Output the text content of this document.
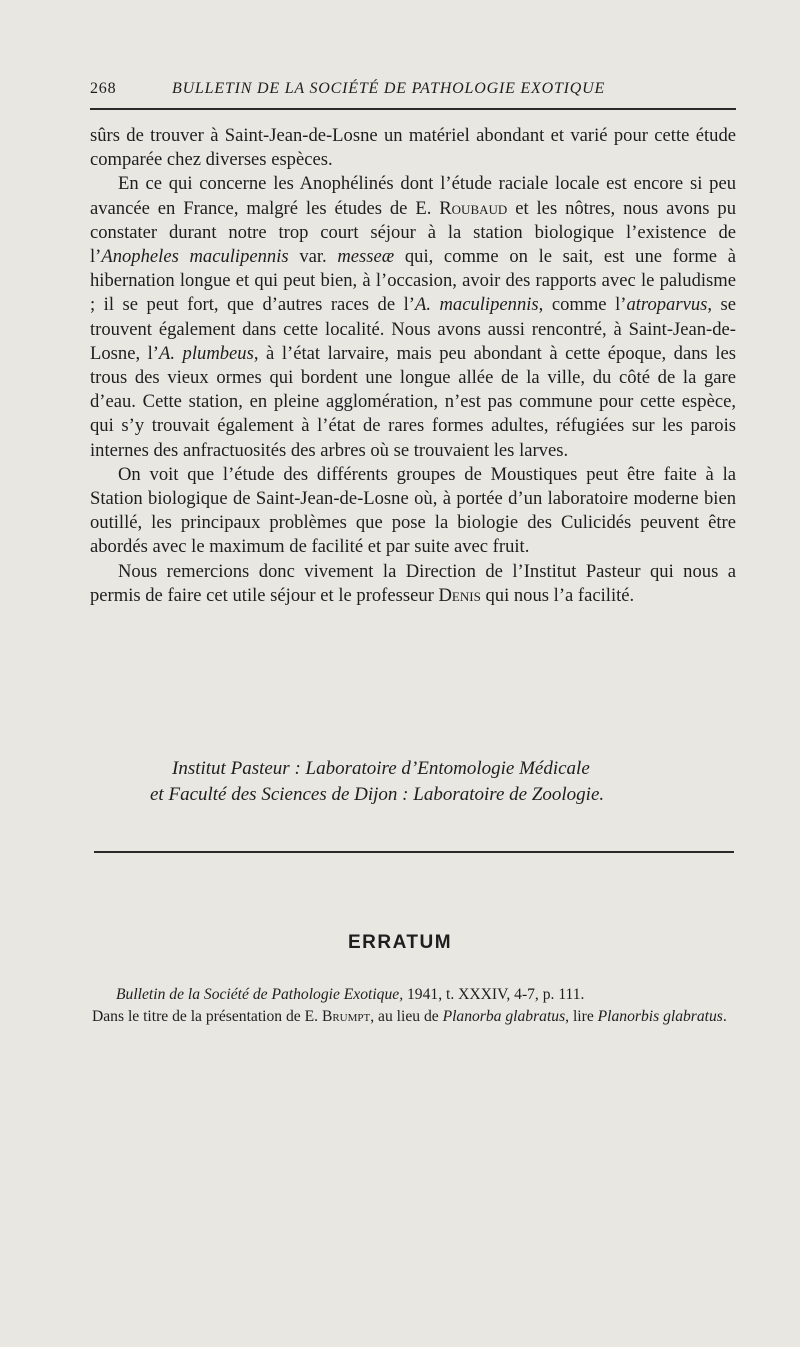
268	BULLETIN DE LA SOCIÉTÉ DE PATHOLOGIE EXOTIQUE

sûrs de trouver à Saint-Jean-de-Losne un matériel abondant et varié pour cette étude comparée chez diverses espèces.

En ce qui concerne les Anophélinés dont l’étude raciale locale est encore si peu avancée en France, malgré les études de E. Roubaud et les nôtres, nous avons pu constater durant notre trop court séjour à la station biologique l’existence de l’Anopheles maculipennis var. messeæ qui, comme on le sait, est une forme à hibernation longue et qui peut bien, à l’occasion, avoir des rapports avec le paludisme ; il se peut fort, que d’autres races de l’A. maculipennis, comme l’atroparvus, se trouvent également dans cette localité. Nous avons aussi rencontré, à Saint-Jean-de-Losne, l’A. plumbeus, à l’état larvaire, mais peu abondant à cette époque, dans les trous des vieux ormes qui bordent une longue allée de la ville, du côté de la gare d’eau. Cette station, en pleine agglomération, n’est pas commune pour cette espèce, qui s’y trouvait également à l’état de rares formes adultes, réfugiées sur les parois internes des anfractuosités des arbres où se trouvaient les larves.

On voit que l’étude des différents groupes de Moustiques peut être faite à la Station biologique de Saint-Jean-de-Losne où, à portée d’un laboratoire moderne bien outillé, les principaux problèmes que pose la biologie des Culicidés peuvent être abordés avec le maximum de facilité et par suite avec fruit.

Nous remercions donc vivement la Direction de l’Institut Pasteur qui nous a permis de faire cet utile séjour et le professeur Denis qui nous l’a facilité.

Institut Pasteur : Laboratoire d’Entomologie Médicale
et Faculté des Sciences de Dijon : Laboratoire de Zoologie.
ERRATUM

Bulletin de la Société de Pathologie Exotique, 1941, t. XXXIV, 4-7, p. 111.
Dans le titre de la présentation de E. Brumpt, au lieu de Planorba glabratus, lire Planorbis glabratus.
